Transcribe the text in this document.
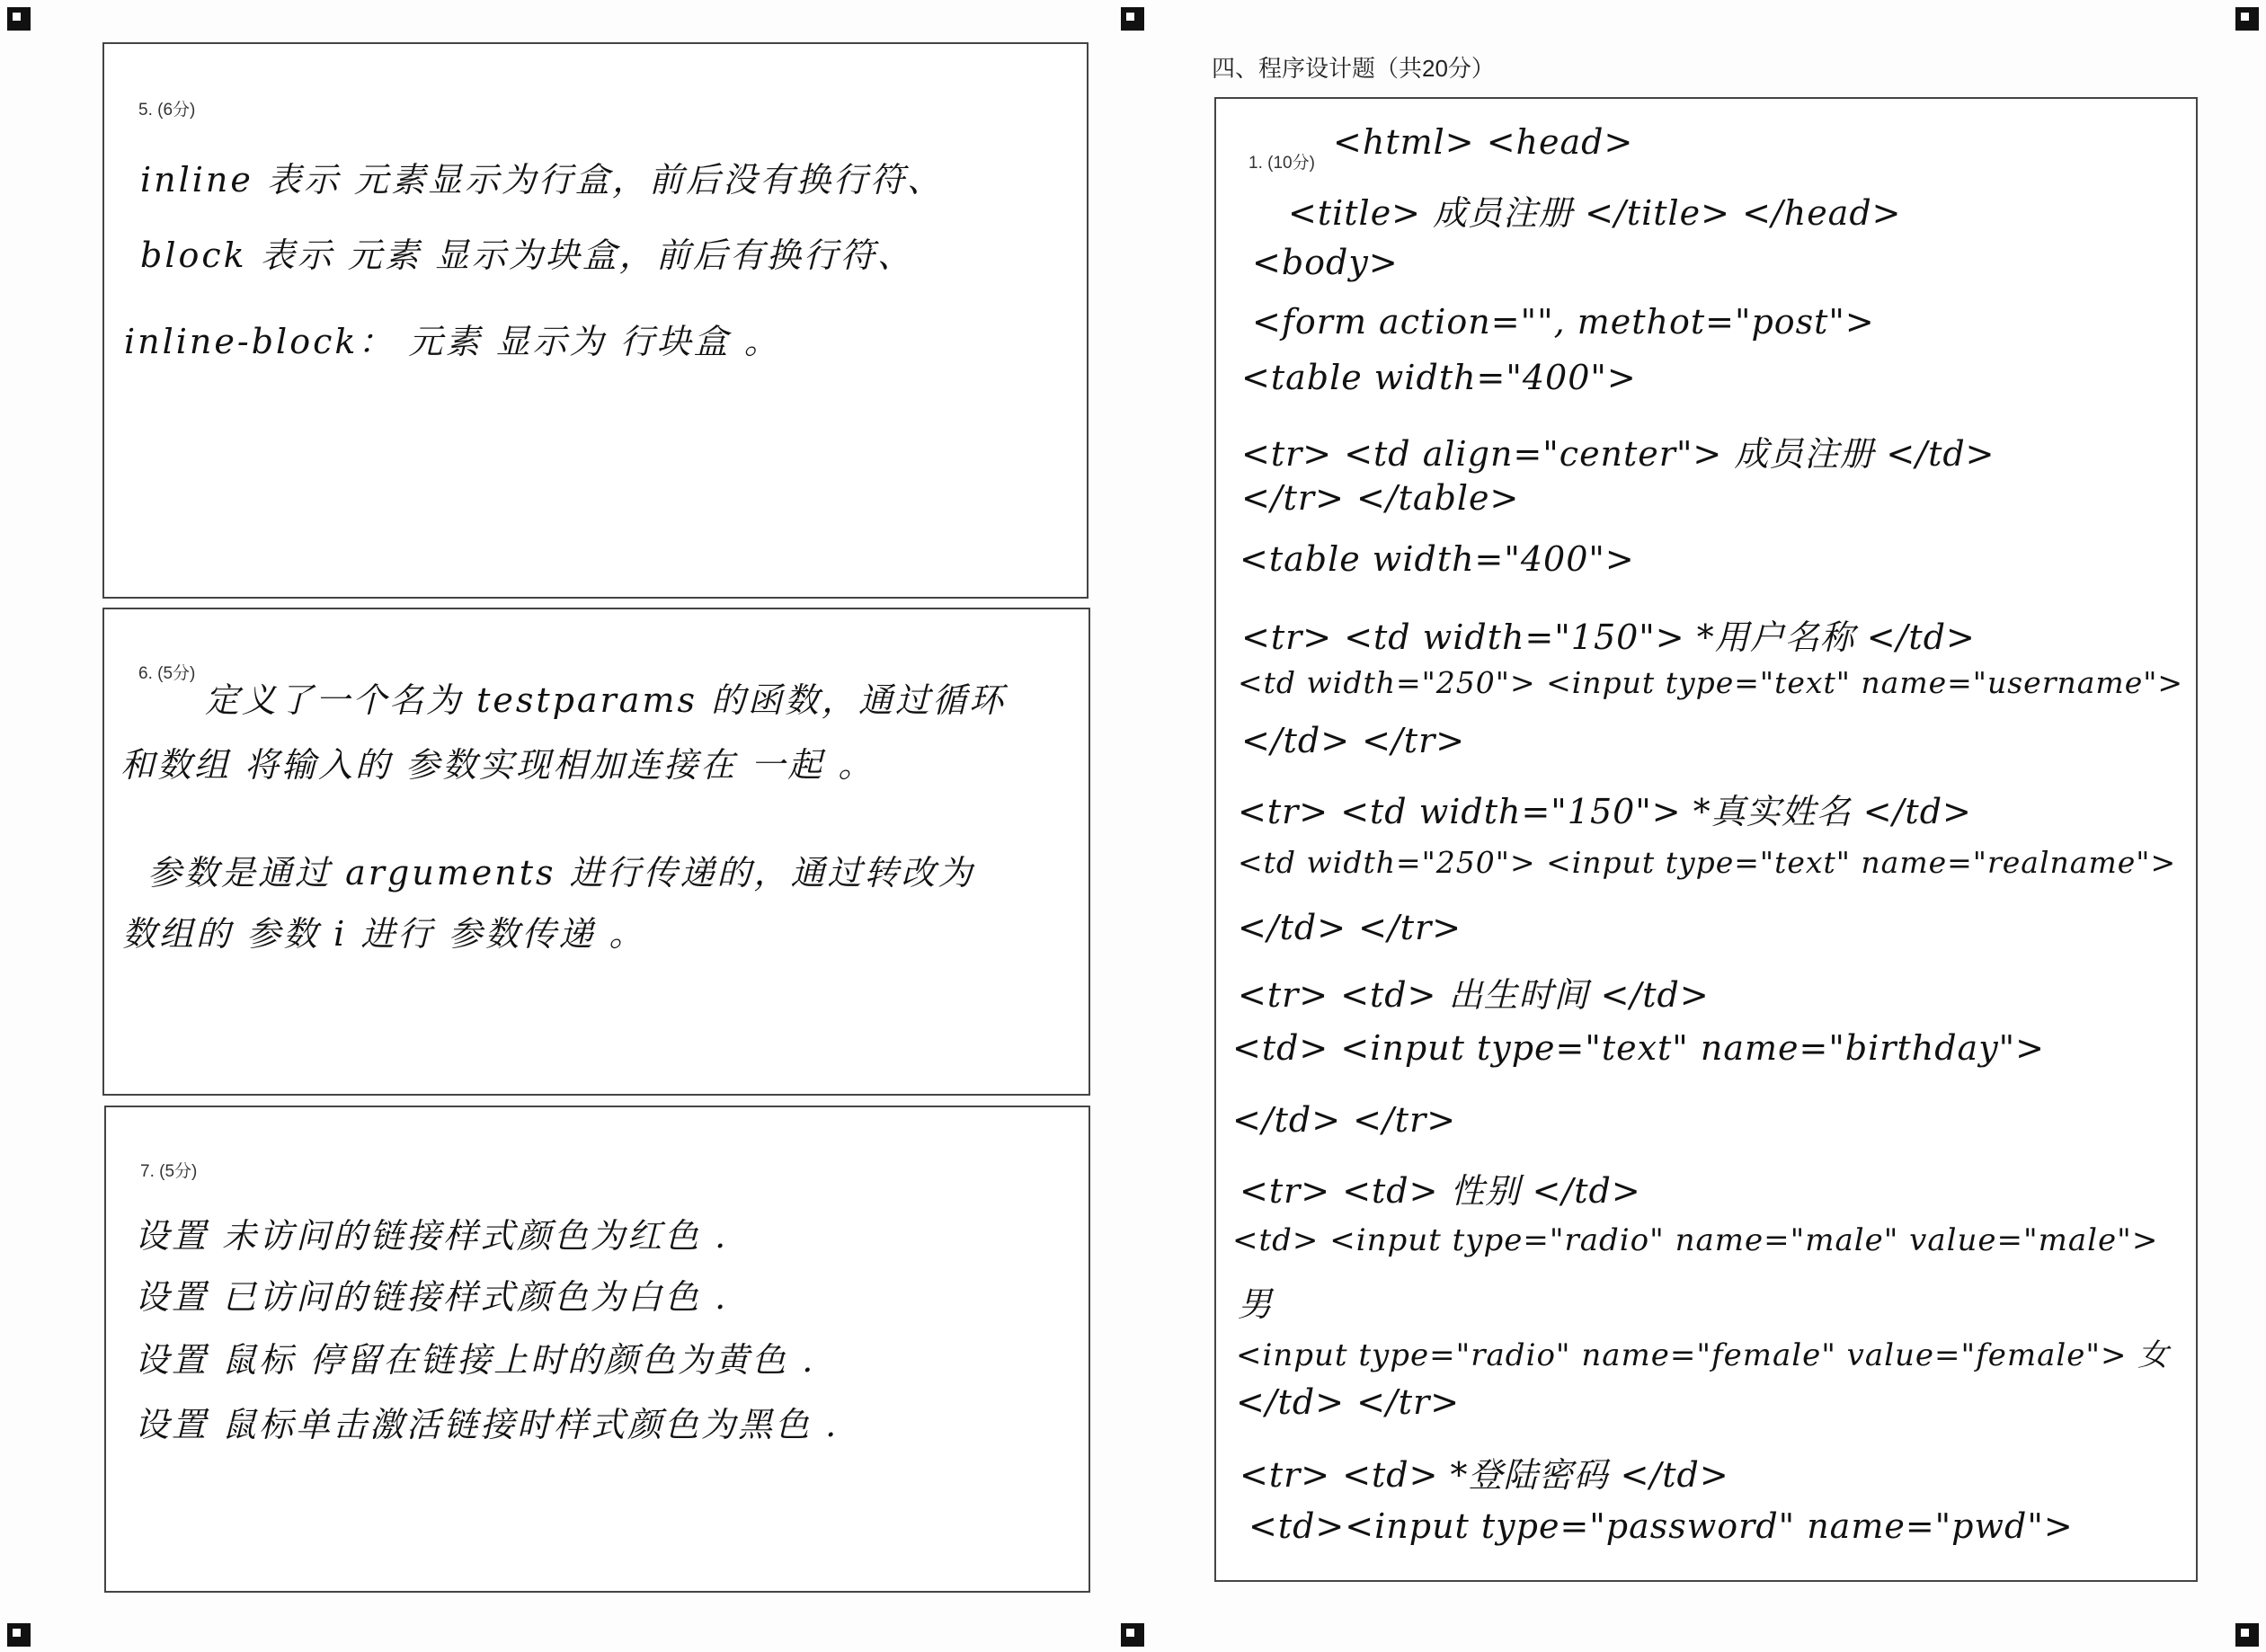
5. (6分)
inline 表示 元素显示为行盒，前后没有换行符、
block 表示 元素 显示为块盒，前后有换行符、
inline-block： 元素 显示为 行块盒 。
6. (5分)
定义了一个名为 testparams 的函数，通过循环
和数组 将输入的 参数实现相加连接在 一起 。
参数是通过 arguments 进行传递的，通过转改为
数组的 参数 i 进行 参数传递 。
7. (5分)
设置 未访问的链接样式颜色为红色 .
设置 已访问的链接样式颜色为白色 .
设置 鼠标 停留在链接上时的颜色为黄色 .
设置 鼠标单击激活链接时样式颜色为黑色 .
四、程序设计题（共20分）
1. (10分)
<html> <head>
<title> 成员注册 </title> </head>
<body>
<form action="", methot="post">
<table width="400">
<tr> <td align="center"> 成员注册 </td>
</tr> </table>
<table width="400">
<tr> <td width="150"> *用户名称 </td>
<td width="250"> <input type="text" name="username">
</td> </tr>
<tr> <td width="150"> *真实姓名 </td>
<td width="250"> <input type="text" name="realname">
</td> </tr>
<tr> <td> 出生时间 </td>
<td> <input type="text" name="birthday">
</td> </tr>
<tr> <td> 性别 </td>
<td> <input type="radio" name="male" value="male">
男
<input type="radio" name="female" value="female"> 女
</td> </tr>
<tr> <td> *登陆密码 </td>
<td><input type="password" name="pwd">
